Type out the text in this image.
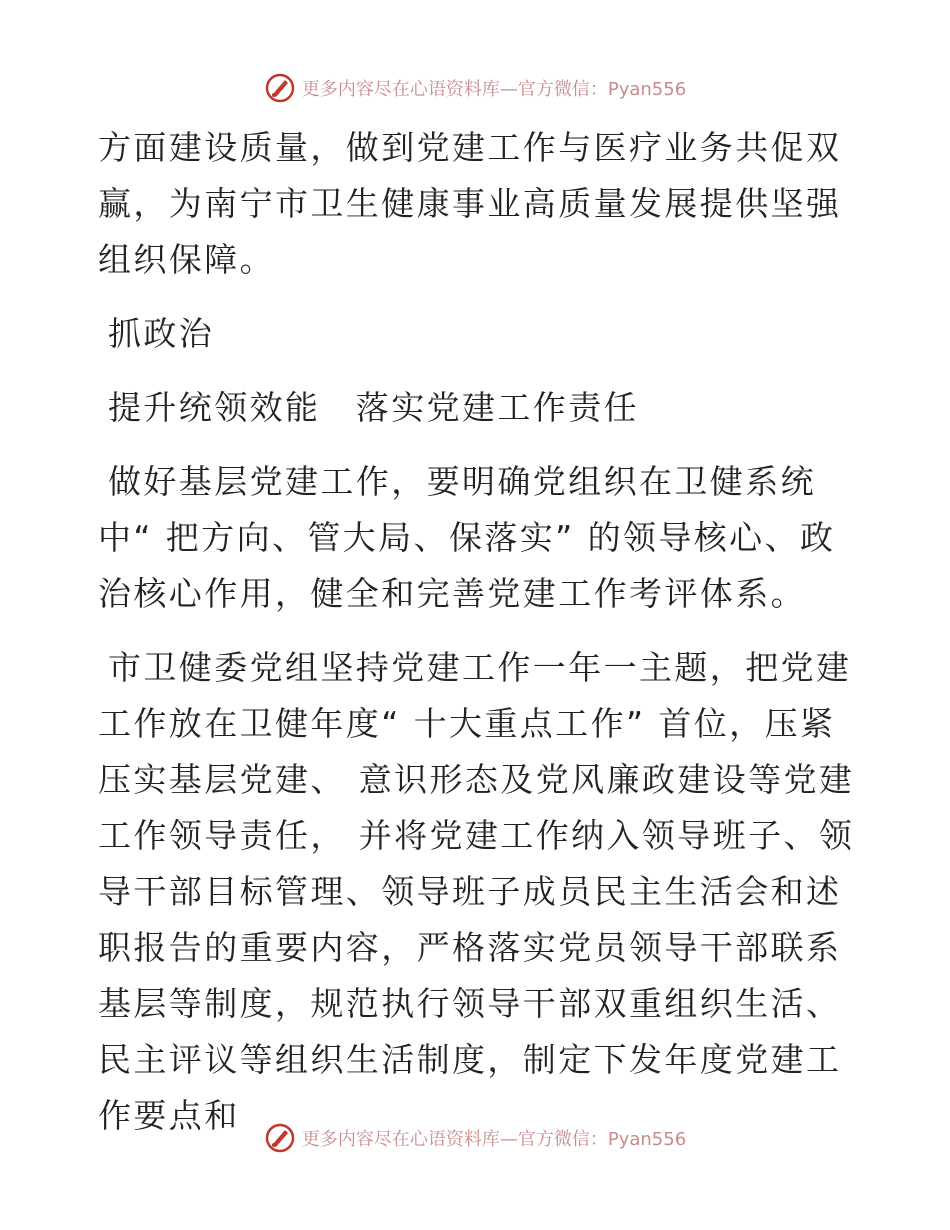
更多内容尽在心语资料库—官方微信：Pyan556

方面建设质量，做到党建工作与医疗业务共促双赢，为南宁市卫生健康事业高质量发展提供坚强组织保障。

抓政治

提升统领效能　落实党建工作责任

做好基层党建工作，要明确党组织在卫健系统中“ 把方向、管大局、保落实” 的领导核心、政治核心作用，健全和完善党建工作考评体系。

市卫健委党组坚持党建工作一年一主题，把党建工作放在卫健年度“ 十大重点工作” 首位，压紧压实基层党建、 意识形态及党风廉政建设等党建工作领导责任， 并将党建工作纳入领导班子、领导干部目标管理、领导班子成员民主生活会和述职报告的重要内容，严格落实党员领导干部联系基层等制度，规范执行领导干部双重组织生活、民主评议等组织生活制度，制定下发年度党建工作要点和

更多内容尽在心语资料库—官方微信：Pyan556
